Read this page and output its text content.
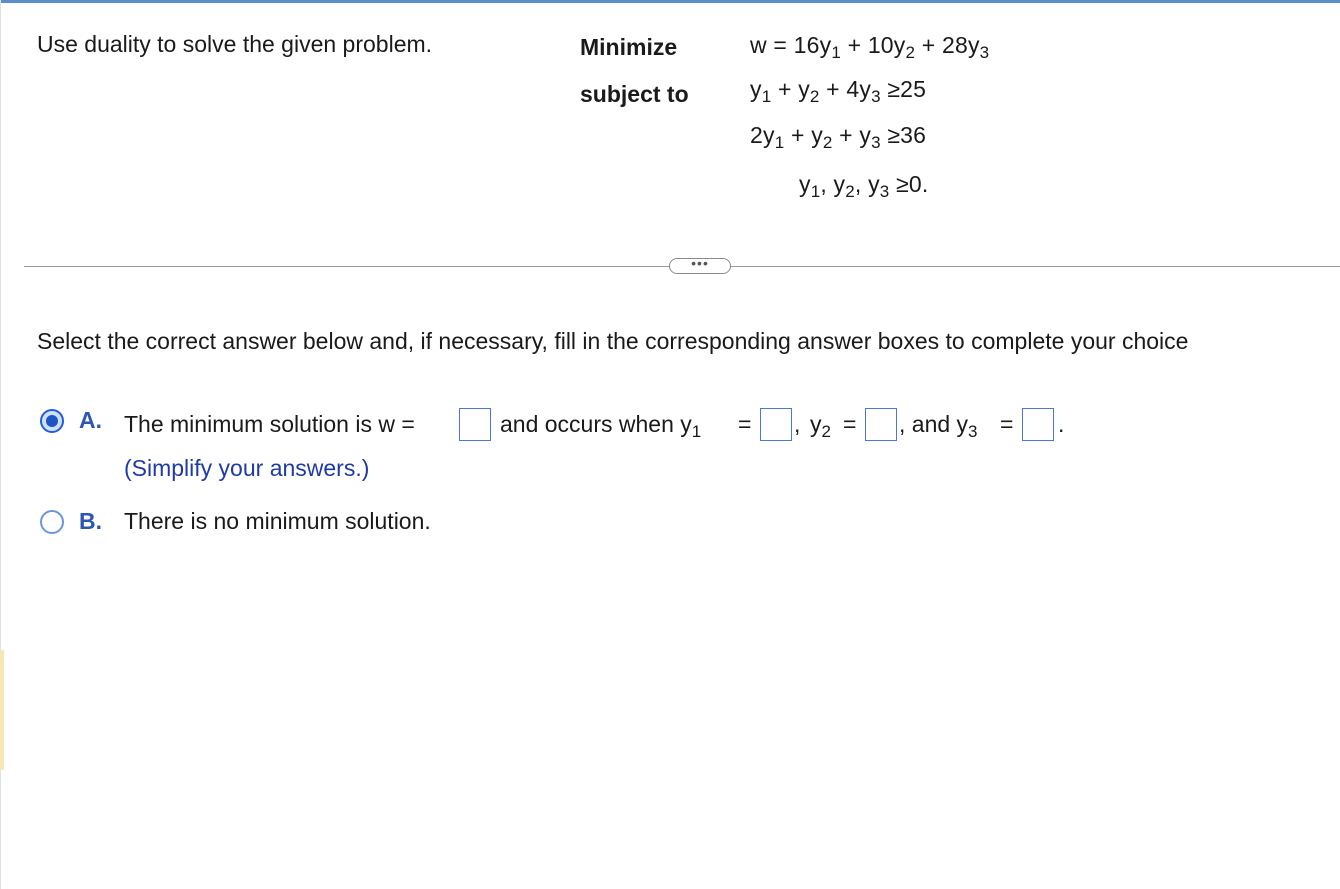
Use duality to solve the given problem.	Minimize
subject to
$w = 16y_1 + 10y_2 + 28y_3$
$y_1 + y_2 + 4y_3 \ge 25$
$2y_1 + y_2 + y_3 \ge 36$
$y_1$, $y_2$, $y_3 \ge 0$.
•••
Select the correct answer below and, if necessary, fill in the corresponding answer boxes to complete your choice
A. The minimum solution is w =	and occurs when $y_1$ = , $y_2$ = , and $y_3$ = .
(Simplify your answers.)
B. There is no minimum solution.
